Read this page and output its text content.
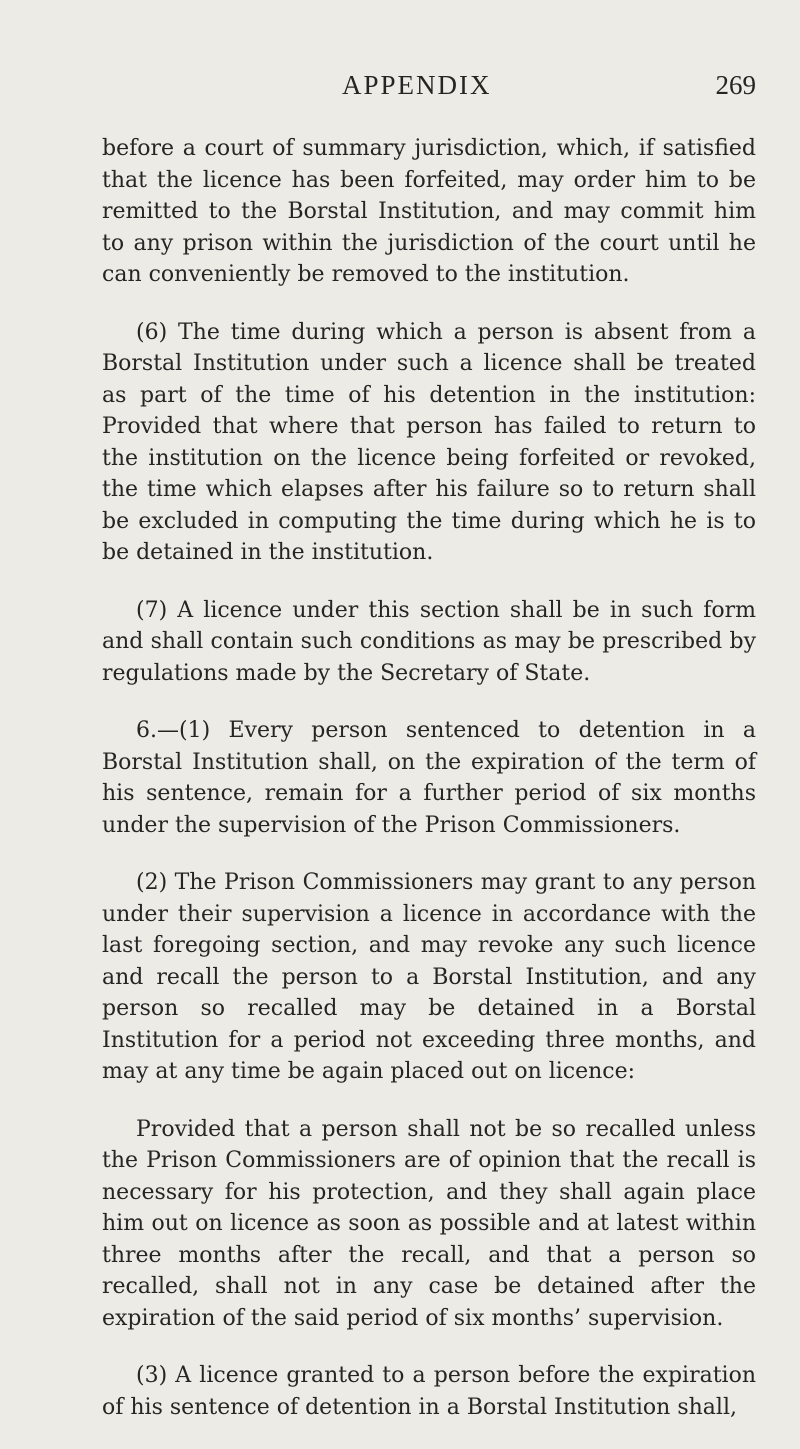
APPENDIX	269

before a court of summary jurisdiction, which, if satisfied that the licence has been forfeited, may order him to be remitted to the Borstal Institution, and may commit him to any prison within the jurisdiction of the court until he can conveniently be removed to the institution.

(6) The time during which a person is absent from a Borstal Institution under such a licence shall be treated as part of the time of his detention in the institution: Provided that where that person has failed to return to the institution on the licence being forfeited or revoked, the time which elapses after his failure so to return shall be excluded in computing the time during which he is to be detained in the institution.

(7) A licence under this section shall be in such form and shall contain such conditions as may be prescribed by regulations made by the Secretary of State.

6.—(1) Every person sentenced to detention in a Borstal Institution shall, on the expiration of the term of his sentence, remain for a further period of six months under the supervision of the Prison Commissioners.

(2) The Prison Commissioners may grant to any person under their supervision a licence in accordance with the last foregoing section, and may revoke any such licence and recall the person to a Borstal Institution, and any person so recalled may be detained in a Borstal Institution for a period not exceeding three months, and may at any time be again placed out on licence:

Provided that a person shall not be so recalled unless the Prison Commissioners are of opinion that the recall is necessary for his protection, and they shall again place him out on licence as soon as possible and at latest within three months after the recall, and that a person so recalled, shall not in any case be detained after the expiration of the said period of six months’ supervision.

(3) A licence granted to a person before the expiration of his sentence of detention in a Borstal Institution shall,
